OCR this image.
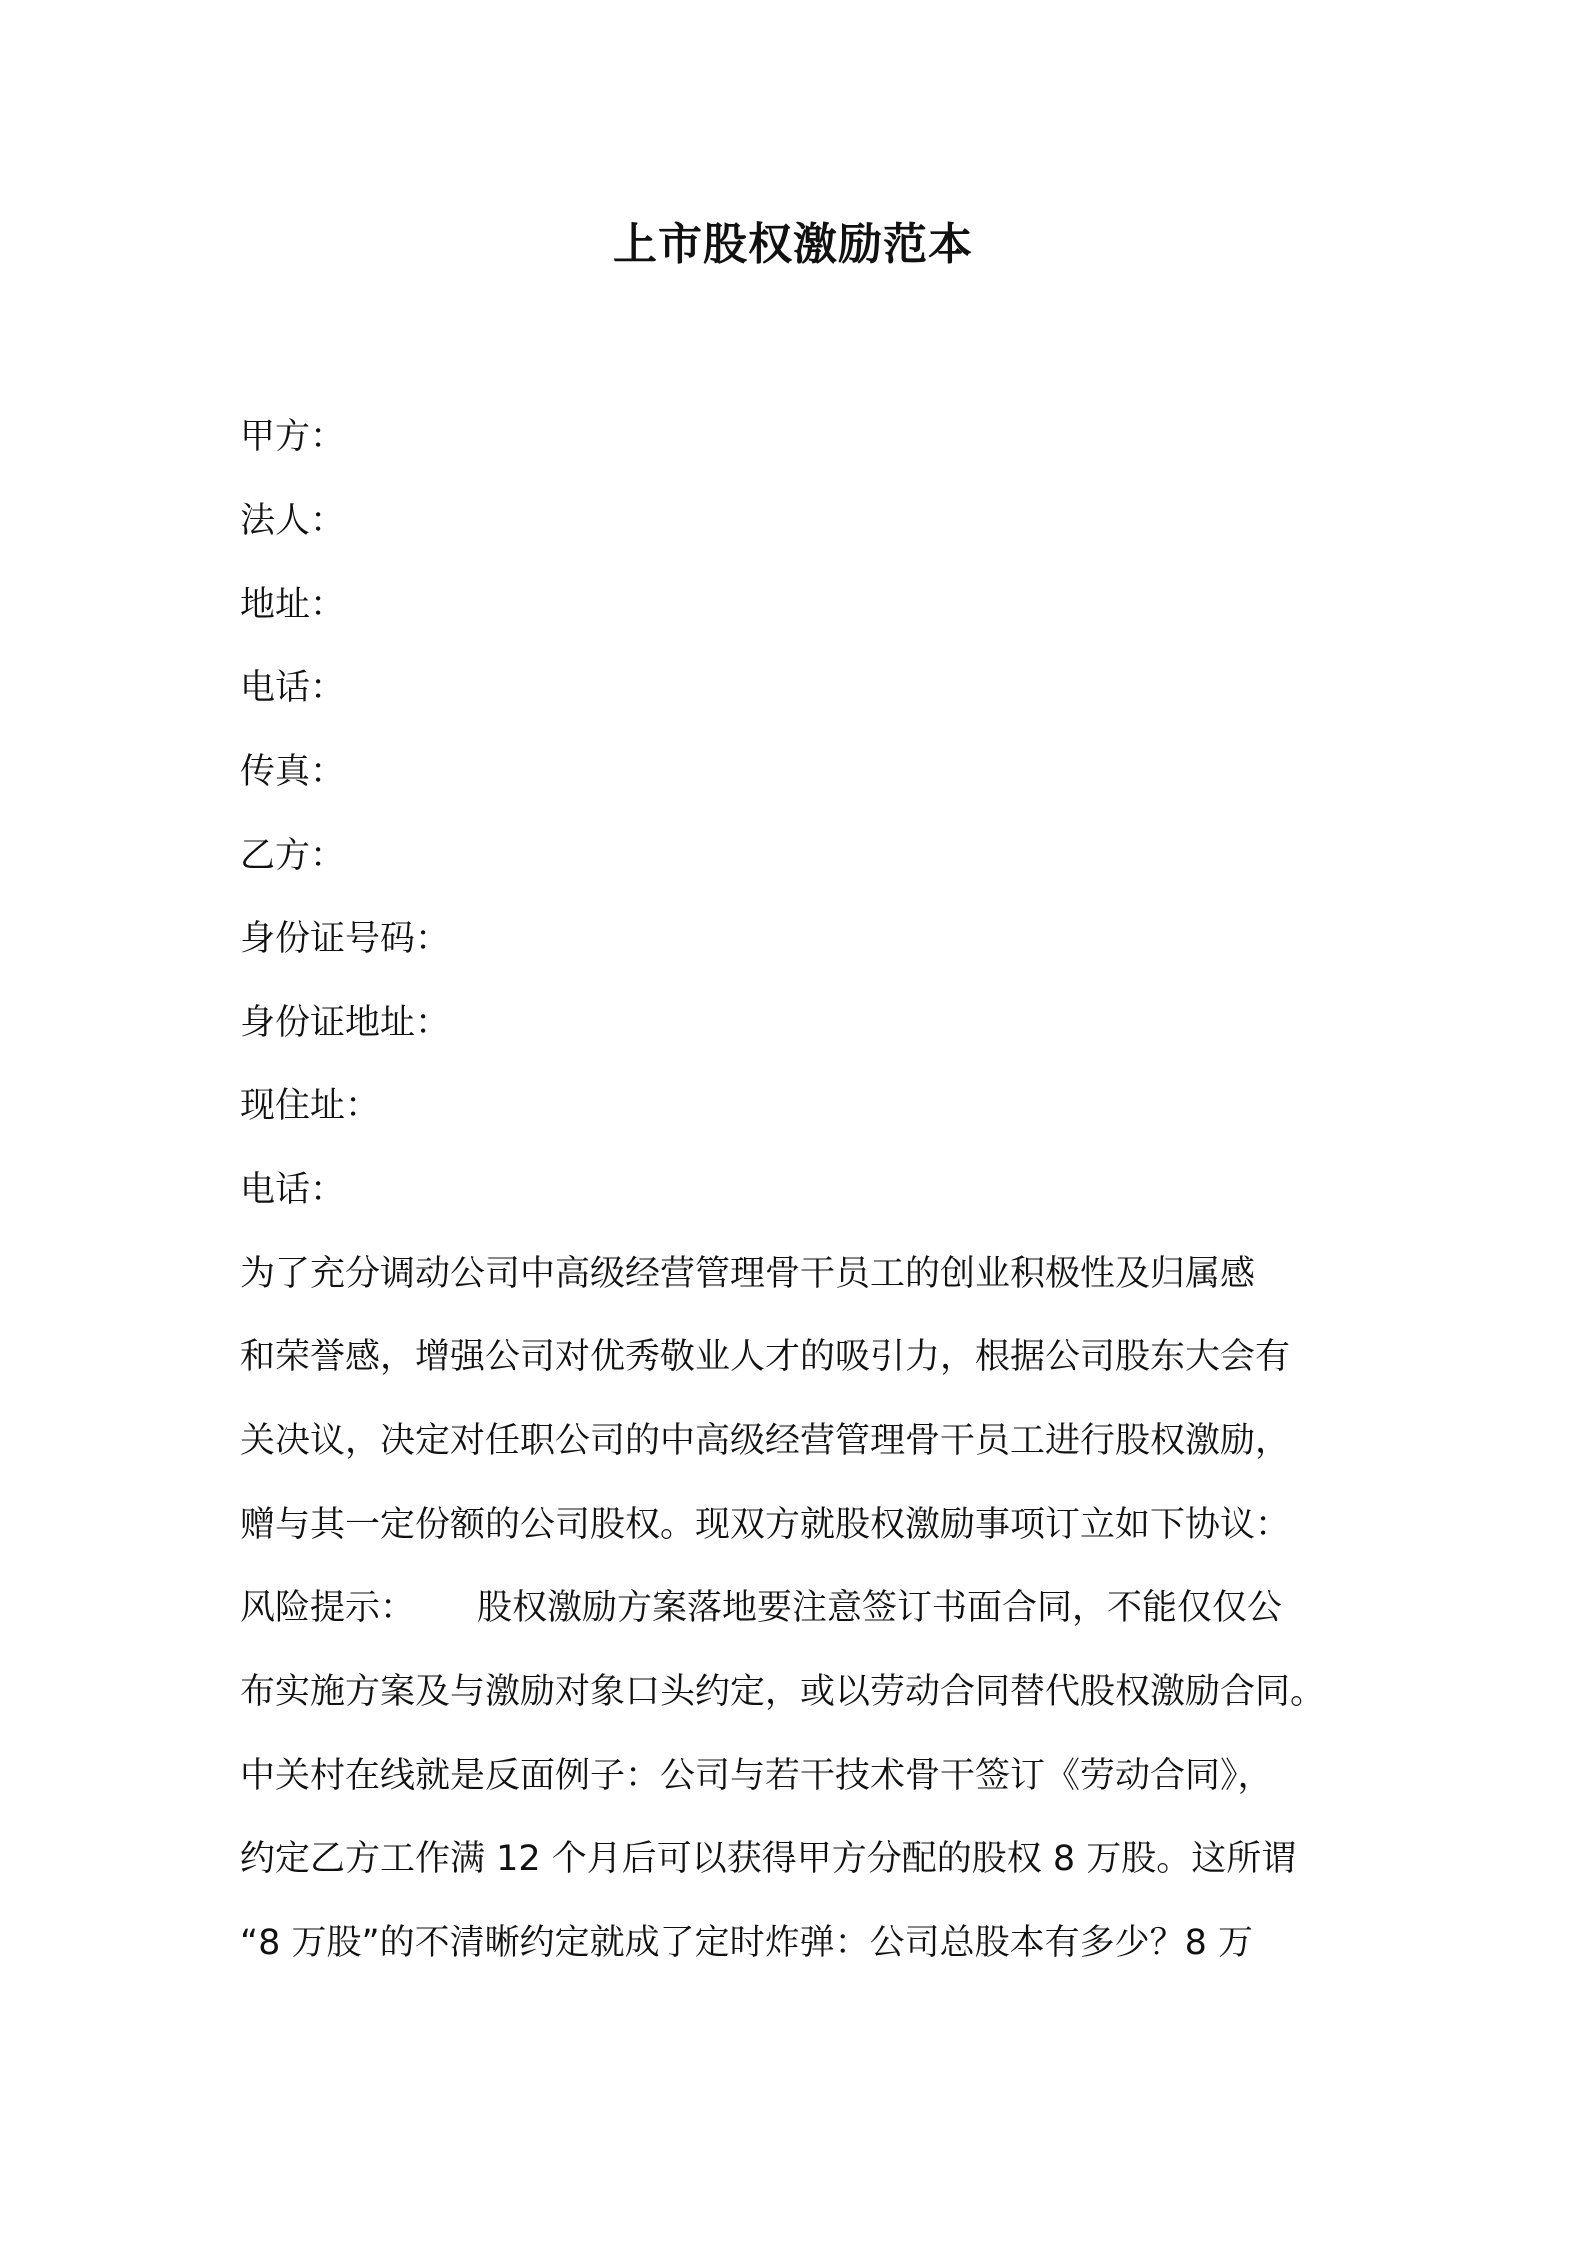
上市股权激励范本
甲方：
法人：
地址：
电话：
传真：
乙方：
身份证号码：
身份证地址：
现住址：
电话：
为了充分调动公司中高级经营管理骨干员工的创业积极性及归属感
和荣誉感，增强公司对优秀敬业人才的吸引力，根据公司股东大会有
关决议，决定对任职公司的中高级经营管理骨干员工进行股权激励，
赠与其一定份额的公司股权。现双方就股权激励事项订立如下协议：
风险提示： 股权激励方案落地要注意签订书面合同，不能仅仅公
布实施方案及与激励对象口头约定，或以劳动合同替代股权激励合同。
中关村在线就是反面例子：公司与若干技术骨干签订《劳动合同》，
约定乙方工作满 12 个月后可以获得甲方分配的股权 8 万股。这所谓
“8 万股”的不清晰约定就成了定时炸弹：公司总股本有多少？8 万
